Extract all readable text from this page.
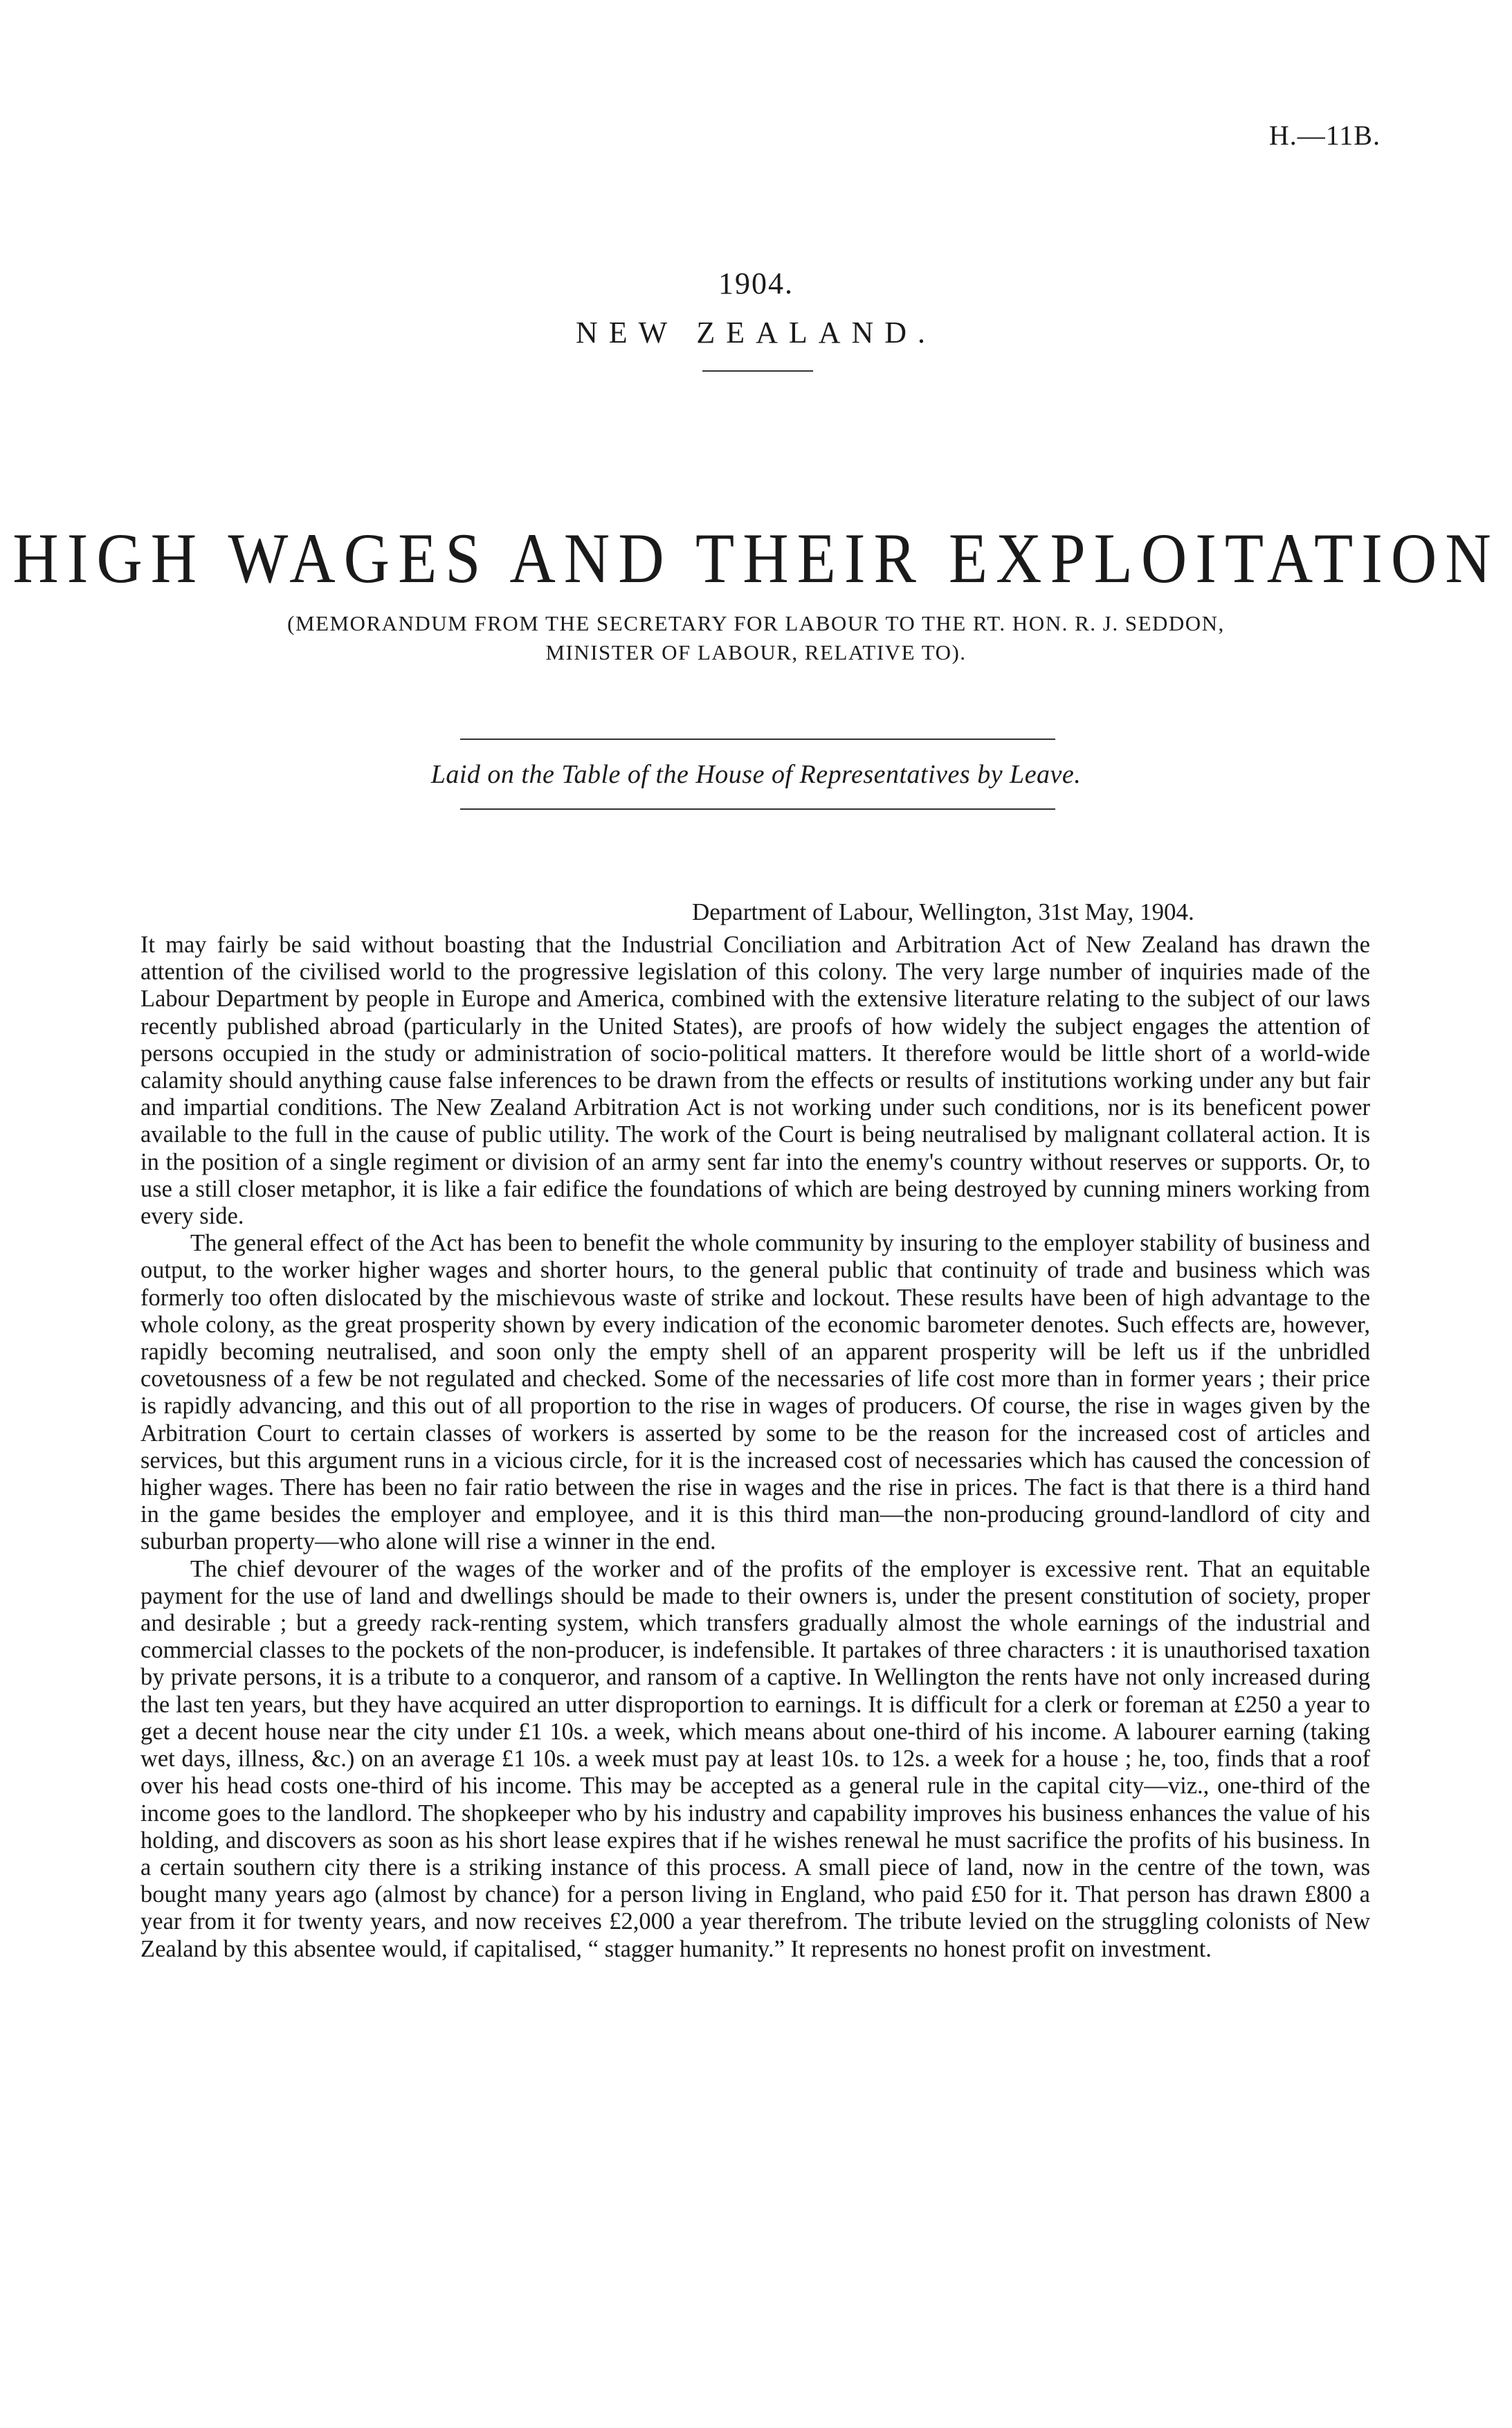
H.—11B.
1904.
NEW ZEALAND.
HIGH WAGES AND THEIR EXPLOITATION
(MEMORANDUM FROM THE SECRETARY FOR LABOUR TO THE RT. HON. R. J. SEDDON,
MINISTER OF LABOUR, RELATIVE TO).
Laid on the Table of the House of Representatives by Leave.
Department of Labour, Wellington, 31st May, 1904.

It may fairly be said without boasting that the Industrial Conciliation and Arbitration Act of New Zealand has drawn the attention of the civilised world to the progressive legislation of this colony. The very large number of inquiries made of the Labour Department by people in Europe and America, combined with the extensive literature relating to the subject of our laws recently published abroad (particularly in the United States), are proofs of how widely the subject engages the attention of persons occupied in the study or administration of socio-political matters. It therefore would be little short of a world-wide calamity should anything cause false inferences to be drawn from the effects or results of institutions working under any but fair and impartial conditions. The New Zealand Arbitration Act is not working under such conditions, nor is its beneficent power available to the full in the cause of public utility. The work of the Court is being neutralised by malignant collateral action. It is in the position of a single regiment or division of an army sent far into the enemy's country without reserves or supports. Or, to use a still closer metaphor, it is like a fair edifice the foundations of which are being destroyed by cunning miners working from every side.

The general effect of the Act has been to benefit the whole community by insuring to the employer stability of business and output, to the worker higher wages and shorter hours, to the general public that continuity of trade and business which was formerly too often dislocated by the mischievous waste of strike and lockout. These results have been of high advantage to the whole colony, as the great prosperity shown by every indication of the economic barometer denotes. Such effects are, however, rapidly becoming neutralised, and soon only the empty shell of an apparent prosperity will be left us if the unbridled covetousness of a few be not regulated and checked. Some of the necessaries of life cost more than in former years ; their price is rapidly advancing, and this out of all proportion to the rise in wages of producers. Of course, the rise in wages given by the Arbitration Court to certain classes of workers is asserted by some to be the reason for the increased cost of articles and services, but this argument runs in a vicious circle, for it is the increased cost of necessaries which has caused the concession of higher wages. There has been no fair ratio between the rise in wages and the rise in prices. The fact is that there is a third hand in the game besides the employer and employee, and it is this third man—the non-producing ground-landlord of city and suburban property—who alone will rise a winner in the end.

The chief devourer of the wages of the worker and of the profits of the employer is excessive rent. That an equitable payment for the use of land and dwellings should be made to their owners is, under the present constitution of society, proper and desirable ; but a greedy rack-renting system, which transfers gradually almost the whole earnings of the industrial and commercial classes to the pockets of the non-producer, is indefensible. It partakes of three characters : it is unauthorised taxation by private persons, it is a tribute to a conqueror, and ransom of a captive. In Wellington the rents have not only increased during the last ten years, but they have acquired an utter disproportion to earnings. It is difficult for a clerk or foreman at £250 a year to get a decent house near the city under £1 10s. a week, which means about one-third of his income. A labourer earning (taking wet days, illness, &c.) on an average £1 10s. a week must pay at least 10s. to 12s. a week for a house ; he, too, finds that a roof over his head costs one-third of his income. This may be accepted as a general rule in the capital city—viz., one-third of the income goes to the landlord. The shopkeeper who by his industry and capability improves his business enhances the value of his holding, and discovers as soon as his short lease expires that if he wishes renewal he must sacrifice the profits of his business. In a certain southern city there is a striking instance of this process. A small piece of land, now in the centre of the town, was bought many years ago (almost by chance) for a person living in England, who paid £50 for it. That person has drawn £800 a year from it for twenty years, and now receives £2,000 a year therefrom. The tribute levied on the struggling colonists of New Zealand by this absentee would, if capitalised, “ stagger humanity.” It represents no honest profit on investment.
